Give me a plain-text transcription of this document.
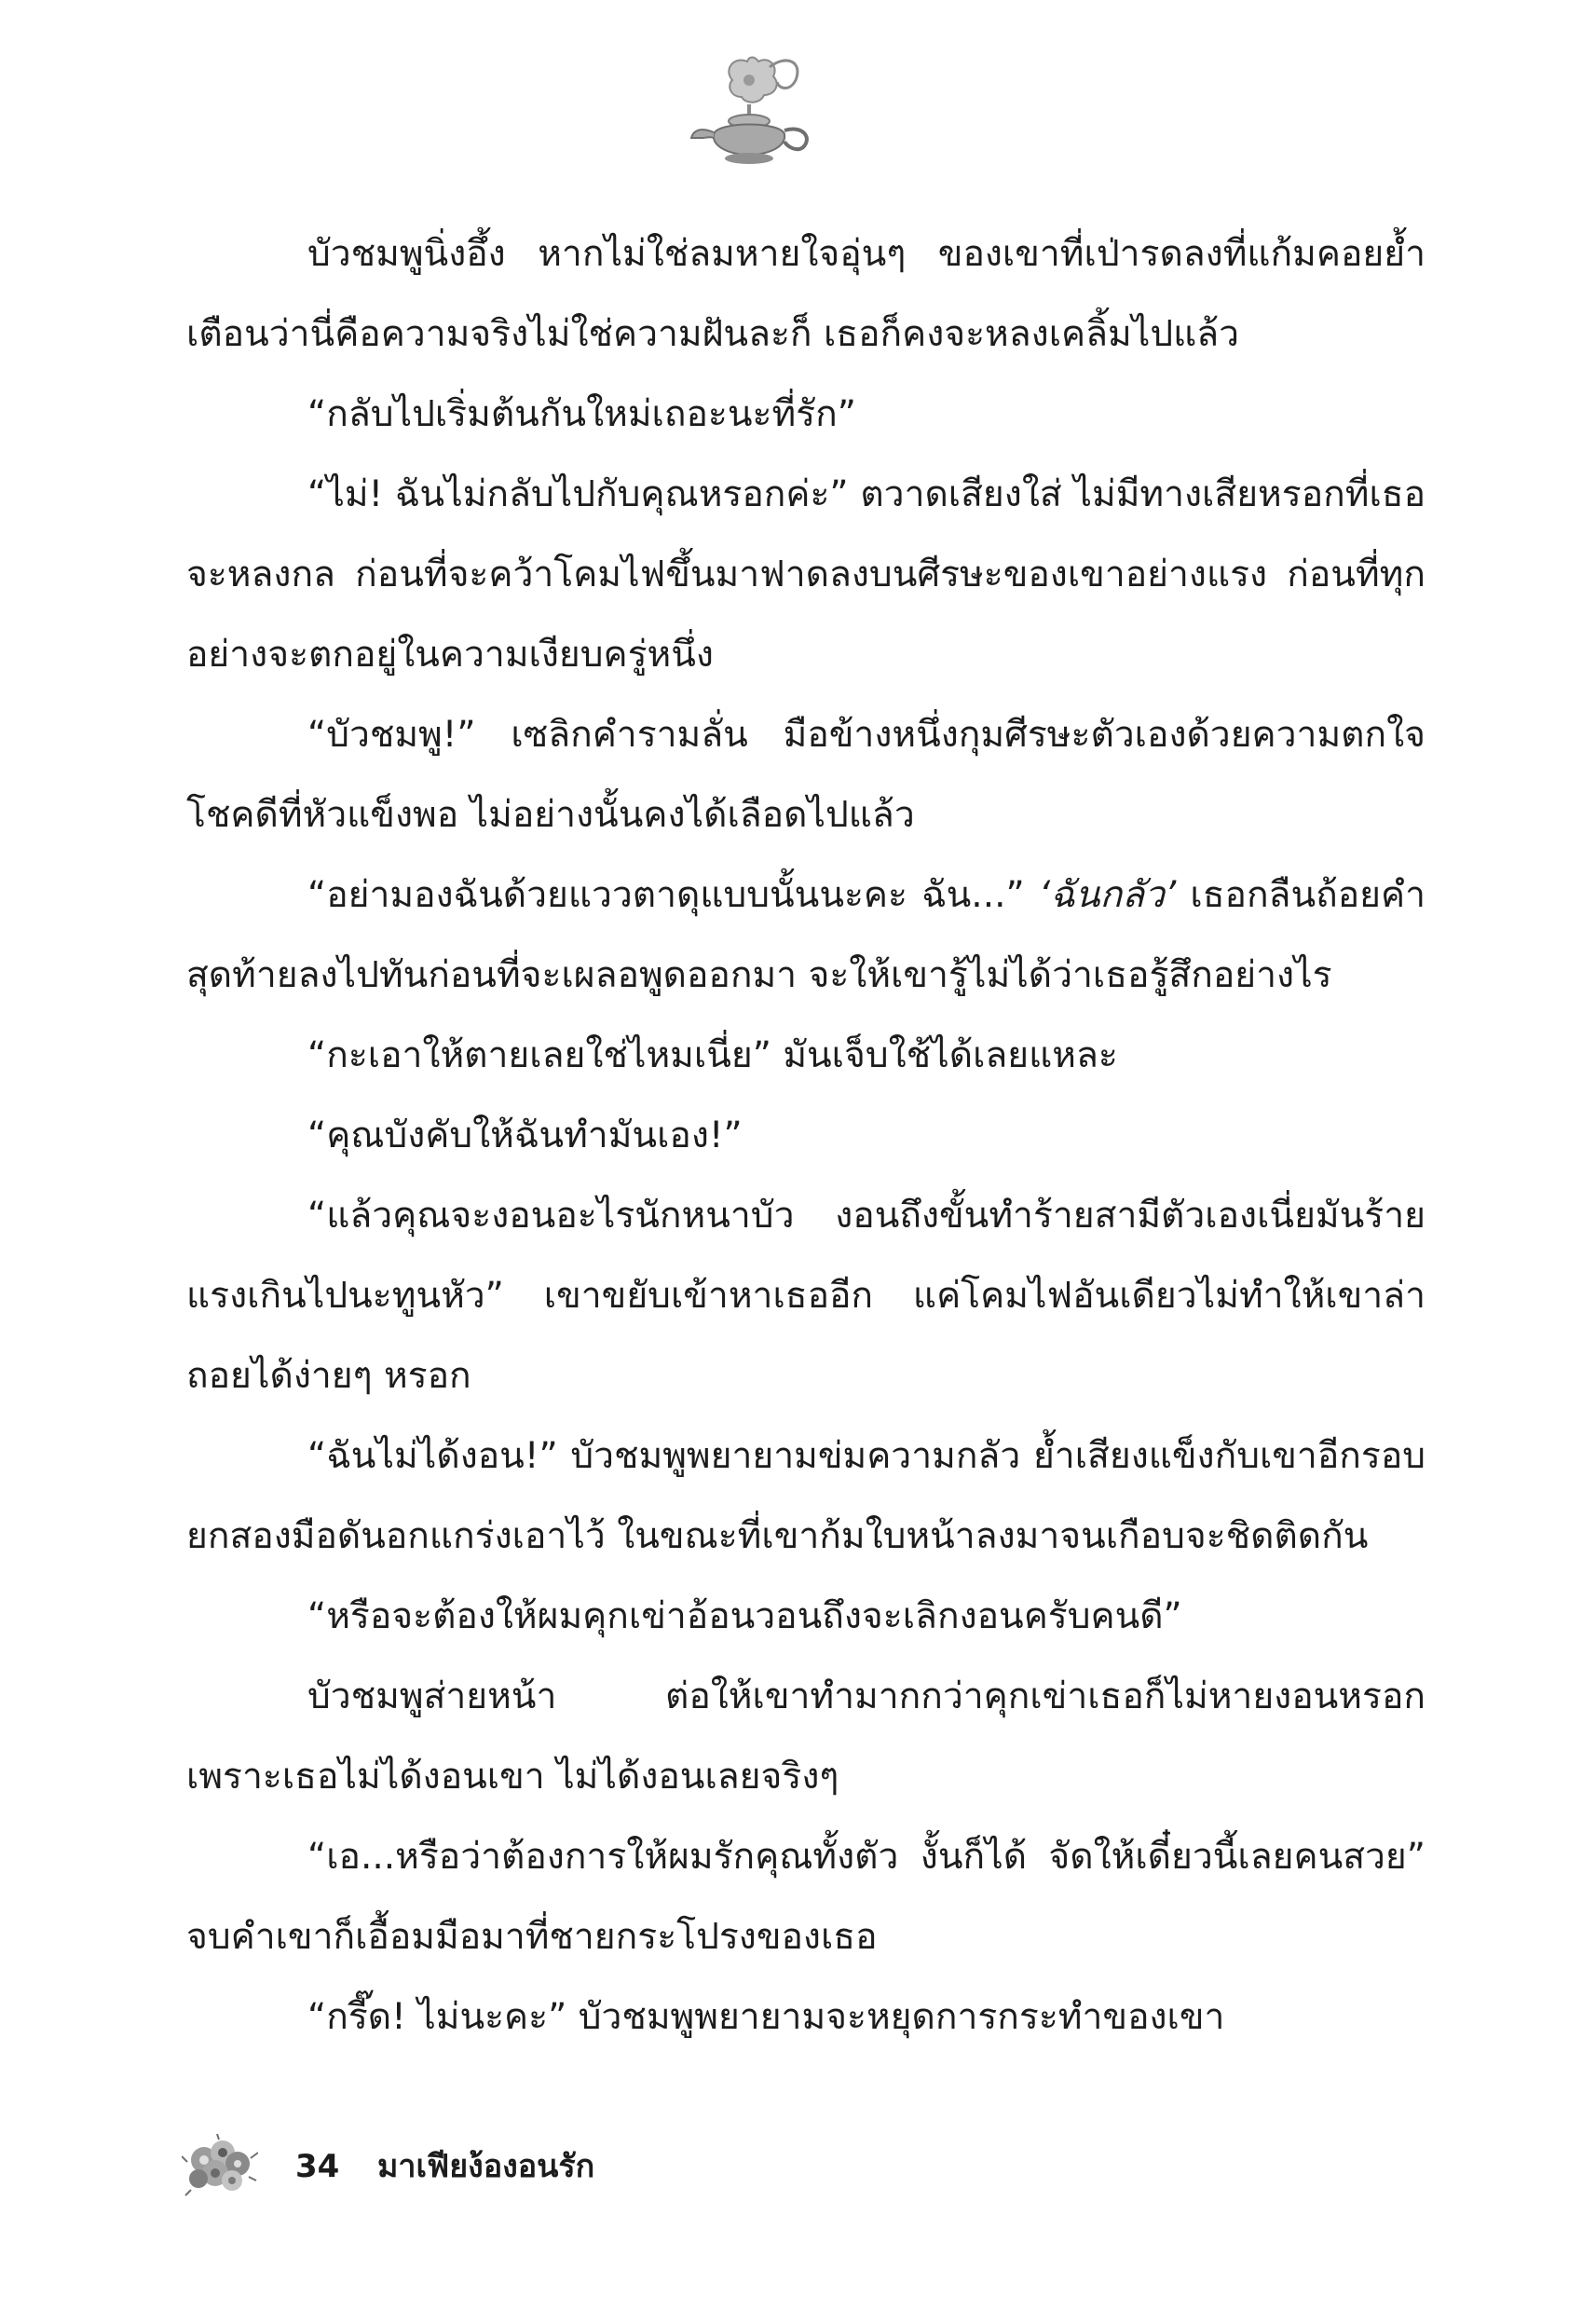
บัวชมพูนิ่งอึ้ง หากไม่ใช่ลมหายใจอุ่นๆ ของเขาที่เป่ารดลงที่แก้มคอยย้ำเตือนว่านี่คือความจริงไม่ใช่ความฝันละก็ เธอก็คงจะหลงเคลิ้มไปแล้ว

“กลับไปเริ่มต้นกันใหม่เถอะนะที่รัก”

“ไม่! ฉันไม่กลับไปกับคุณหรอกค่ะ” ตวาดเสียงใส่ ไม่มีทางเสียหรอกที่เธอจะหลงกล ก่อนที่จะคว้าโคมไฟขึ้นมาฟาดลงบนศีรษะของเขาอย่างแรง ก่อนที่ทุกอย่างจะตกอยู่ในความเงียบครู่หนึ่ง

“บัวชมพู!” เซลิกคำรามลั่น มือข้างหนึ่งกุมศีรษะตัวเองด้วยความตกใจ โชคดีที่หัวแข็งพอ ไม่อย่างนั้นคงได้เลือดไปแล้ว

“อย่ามองฉันด้วยแววตาดุแบบนั้นนะคะ ฉัน...” ‘ฉันกลัว’ เธอกลืนถ้อยคำสุดท้ายลงไปทันก่อนที่จะเผลอพูดออกมา จะให้เขารู้ไม่ได้ว่าเธอรู้สึกอย่างไร

“กะเอาให้ตายเลยใช่ไหมเนี่ย” มันเจ็บใช้ได้เลยแหละ

“คุณบังคับให้ฉันทำมันเอง!”

“แล้วคุณจะงอนอะไรนักหนาบัว งอนถึงขั้นทำร้ายสามีตัวเองเนี่ยมันร้ายแรงเกินไปนะทูนหัว” เขาขยับเข้าหาเธออีก แค่โคมไฟอันเดียวไม่ทำให้เขาล่าถอยได้ง่ายๆ หรอก

“ฉันไม่ได้งอน!” บัวชมพูพยายามข่มความกลัว ย้ำเสียงแข็งกับเขาอีกรอบ ยกสองมือดันอกแกร่งเอาไว้ ในขณะที่เขาก้มใบหน้าลงมาจนเกือบจะชิดติดกัน

“หรือจะต้องให้ผมคุกเข่าอ้อนวอนถึงจะเลิกงอนครับคนดี”

บัวชมพูส่ายหน้า ต่อให้เขาทำมากกว่าคุกเข่าเธอก็ไม่หายงอนหรอก เพราะเธอไม่ได้งอนเขา ไม่ได้งอนเลยจริงๆ

“เอ...หรือว่าต้องการให้ผมรักคุณทั้งตัว งั้นก็ได้ จัดให้เดี๋ยวนี้เลยคนสวย” จบคำเขาก็เอื้อมมือมาที่ชายกระโปรงของเธอ

“กรี๊ด! ไม่นะคะ” บัวชมพูพยายามจะหยุดการกระทำของเขา

34 มาเฟียง้องอนรัก
